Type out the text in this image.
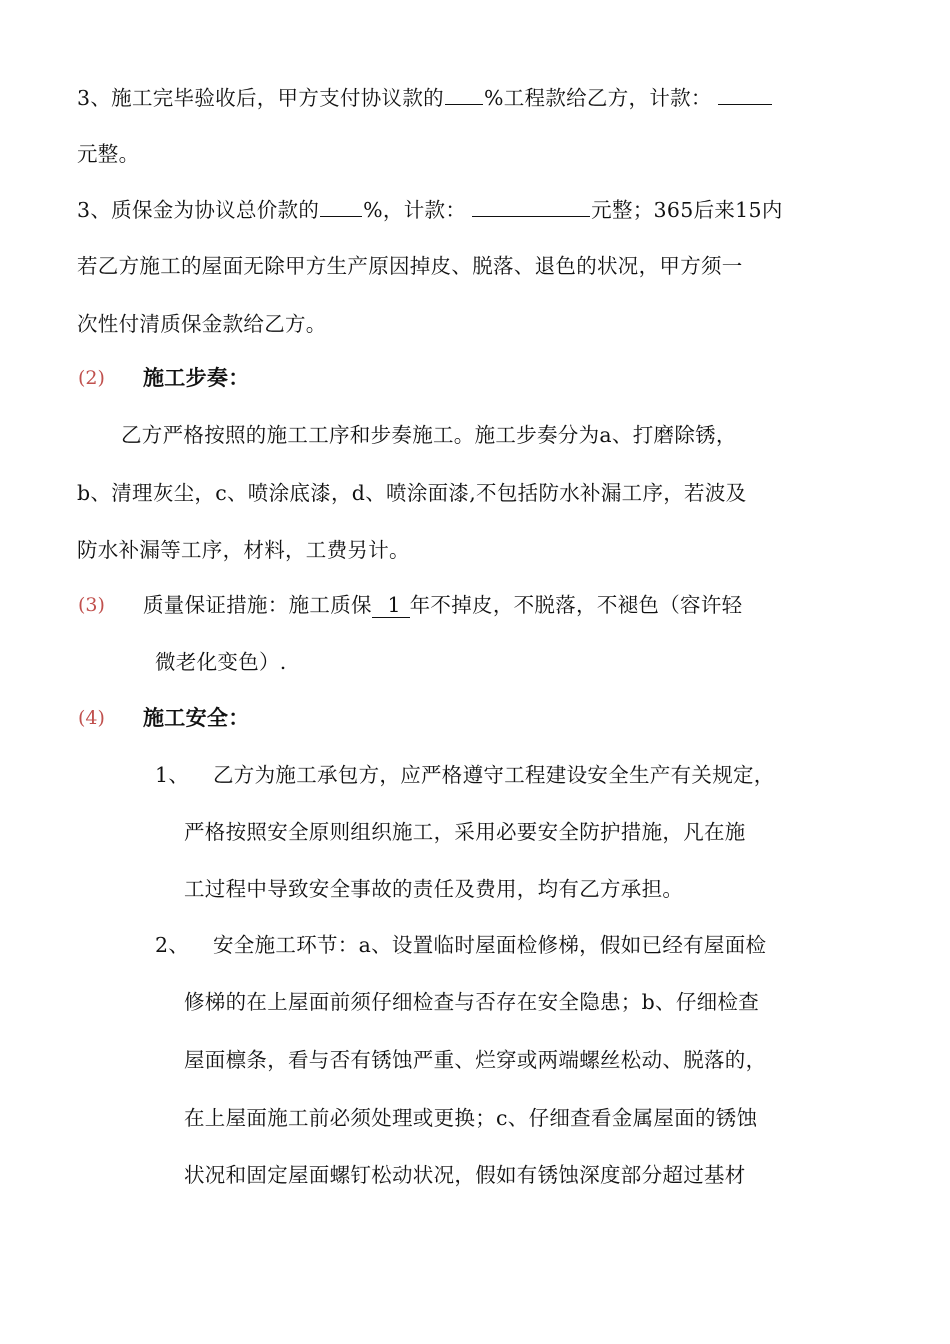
3、施工完毕验收后，甲方支付协议款的 %工程款给乙方，计款：
元整。
3、质保金为协议总价款的 %，计款：	元整；365后来15内
若乙方施工的屋面无除甲方生产原因掉皮、脱落、退色的状况，甲方须一
次性付清质保金款给乙方。
(2) 施工步奏：
乙方严格按照的施工工序和步奏施工。施工步奏分为a、打磨除锈，
b、清理灰尘，c、喷涂底漆，d、喷涂面漆,不包括防水补漏工序，若波及
防水补漏等工序，材料，工费另计。
(3) 质量保证措施：施工质保 1 年不掉皮，不脱落，不褪色（容许轻
微老化变色）.
(4) 施工安全：
1、 乙方为施工承包方，应严格遵守工程建设安全生产有关规定，
严格按照安全原则组织施工，采用必要安全防护措施，凡在施
工过程中导致安全事故的责任及费用，均有乙方承担。
2、 安全施工环节：a、设置临时屋面检修梯，假如已经有屋面检
修梯的在上屋面前须仔细检查与否存在安全隐患；b、仔细检查
屋面檩条，看与否有锈蚀严重、烂穿或两端螺丝松动、脱落的，
在上屋面施工前必须处理或更换；c、仔细查看金属屋面的锈蚀
状况和固定屋面螺钉松动状况，假如有锈蚀深度部分超过基材
